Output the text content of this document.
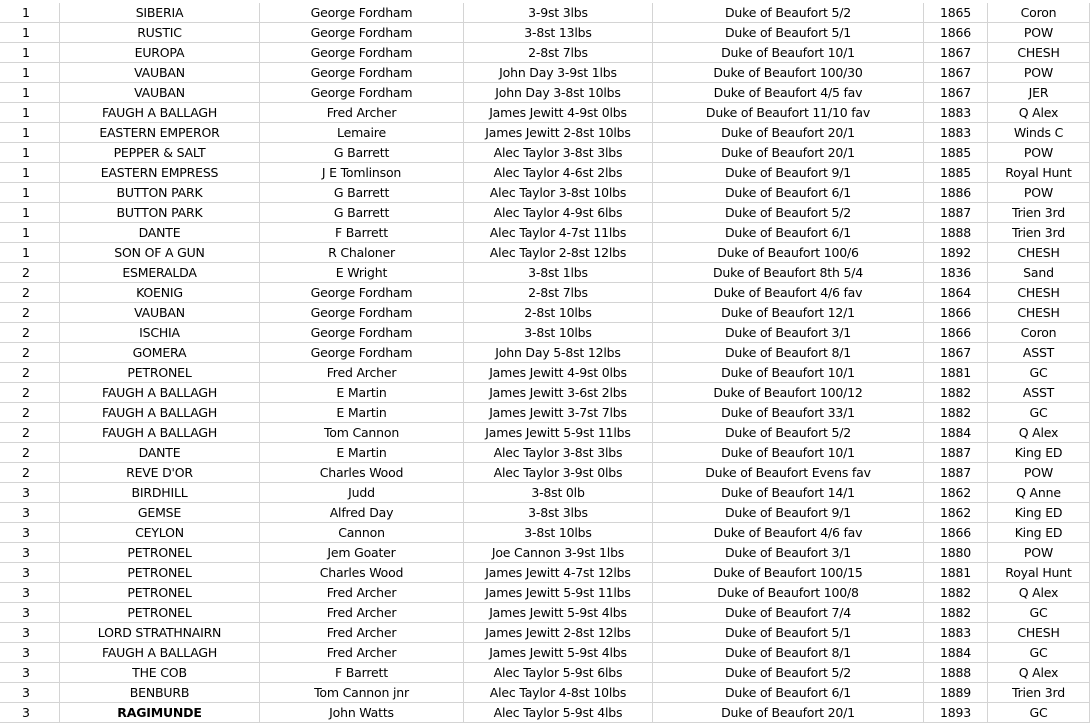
1	SIBERIA	George Fordham	3-9st 3lbs	Duke of Beaufort 5/2	1865	Coron
1	RUSTIC	George Fordham	3-8st 13lbs	Duke of Beaufort 5/1	1866	POW
1	EUROPA	George Fordham	2-8st 7lbs	Duke of Beaufort 10/1	1867	CHESH
1	VAUBAN	George Fordham	John Day 3-9st 1lbs	Duke of Beaufort 100/30	1867	POW
1	VAUBAN	George Fordham	John Day 3-8st 10lbs	Duke of Beaufort 4/5 fav	1867	JER
1	FAUGH A BALLAGH	Fred Archer	James Jewitt 4-9st 0lbs	Duke of Beaufort 11/10 fav	1883	Q Alex
1	EASTERN EMPEROR	Lemaire	James Jewitt 2-8st 10lbs	Duke of Beaufort 20/1	1883	Winds C
1	PEPPER & SALT	G Barrett	Alec Taylor 3-8st 3lbs	Duke of Beaufort 20/1	1885	POW
1	EASTERN EMPRESS	J E Tomlinson	Alec Taylor 4-6st 2lbs	Duke of Beaufort 9/1	1885	Royal Hunt
1	BUTTON PARK	G Barrett	Alec Taylor 3-8st 10lbs	Duke of Beaufort 6/1	1886	POW
1	BUTTON PARK	G Barrett	Alec Taylor 4-9st 6lbs	Duke of Beaufort 5/2	1887	Trien 3rd
1	DANTE	F Barrett	Alec Taylor 4-7st 11lbs	Duke of Beaufort 6/1	1888	Trien 3rd
1	SON OF A GUN	R Chaloner	Alec Taylor 2-8st 12lbs	Duke of Beaufort 100/6	1892	CHESH
2	ESMERALDA	E Wright	3-8st 1lbs	Duke of Beaufort 8th 5/4	1836	Sand
2	KOENIG	George Fordham	2-8st 7lbs	Duke of Beaufort 4/6 fav	1864	CHESH
2	VAUBAN	George Fordham	2-8st 10lbs	Duke of Beaufort 12/1	1866	CHESH
2	ISCHIA	George Fordham	3-8st 10lbs	Duke of Beaufort 3/1	1866	Coron
2	GOMERA	George Fordham	John Day 5-8st 12lbs	Duke of Beaufort 8/1	1867	ASST
2	PETRONEL	Fred Archer	James Jewitt 4-9st 0lbs	Duke of Beaufort 10/1	1881	GC
2	FAUGH A BALLAGH	E Martin	James Jewitt 3-6st 2lbs	Duke of Beaufort 100/12	1882	ASST
2	FAUGH A BALLAGH	E Martin	James Jewitt 3-7st 7lbs	Duke of Beaufort 33/1	1882	GC
2	FAUGH A BALLAGH	Tom Cannon	James Jewitt 5-9st 11lbs	Duke of Beaufort 5/2	1884	Q Alex
2	DANTE	E Martin	Alec Taylor 3-8st 3lbs	Duke of Beaufort 10/1	1887	King ED
2	REVE D'OR	Charles Wood	Alec Taylor 3-9st 0lbs	Duke of Beaufort Evens fav	1887	POW
3	BIRDHILL	Judd	3-8st 0lb	Duke of Beaufort 14/1	1862	Q Anne
3	GEMSE	Alfred Day	3-8st 3lbs	Duke of Beaufort 9/1	1862	King ED
3	CEYLON	Cannon	3-8st 10lbs	Duke of Beaufort 4/6 fav	1866	King ED
3	PETRONEL	Jem Goater	Joe Cannon 3-9st 1lbs	Duke of Beaufort 3/1	1880	POW
3	PETRONEL	Charles Wood	James Jewitt 4-7st 12lbs	Duke of Beaufort 100/15	1881	Royal Hunt
3	PETRONEL	Fred Archer	James Jewitt 5-9st 11lbs	Duke of Beaufort 100/8	1882	Q Alex
3	PETRONEL	Fred Archer	James Jewitt 5-9st 4lbs	Duke of Beaufort 7/4	1882	GC
3	LORD STRATHNAIRN	Fred Archer	James Jewitt 2-8st 12lbs	Duke of Beaufort 5/1	1883	CHESH
3	FAUGH A BALLAGH	Fred Archer	James Jewitt 5-9st 4lbs	Duke of Beaufort 8/1	1884	GC
3	THE COB	F Barrett	Alec Taylor 5-9st 6lbs	Duke of Beaufort 5/2	1888	Q Alex
3	BENBURB	Tom Cannon jnr	Alec Taylor 4-8st 10lbs	Duke of Beaufort 6/1	1889	Trien 3rd
3	RAGIMUNDE	John Watts	Alec Taylor 5-9st 4lbs	Duke of Beaufort 20/1	1893	GC
